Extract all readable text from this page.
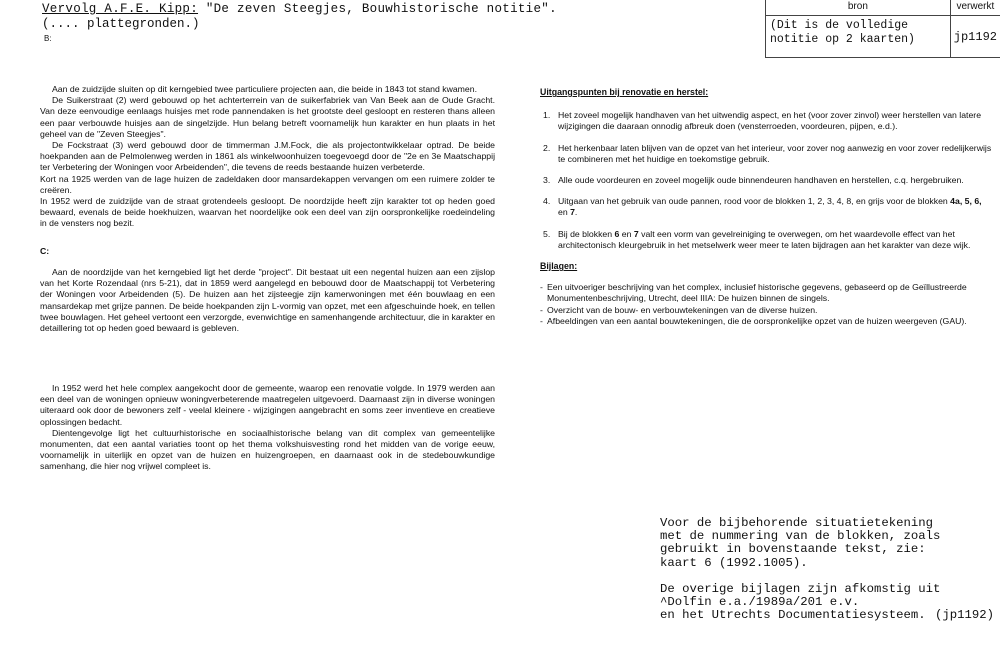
Vervolg A.F.E. Kipp: "De zeven Steegjes, Bouwhistorische notitie".
(.... plattegronden.)
B:
bron	verwerkt
(Dit is de volledige notitie op 2 kaarten)	jp1192

Aan de zuidzijde sluiten op dit kerngebied twee particuliere projecten aan, die beide in 1843 tot stand kwamen.

De Suikerstraat (2) werd gebouwd op het achterterrein van de suikerfabriek van Van Beek aan de Oude Gracht. Van deze eenvoudige eenlaags huisjes met rode pannendaken is het grootste deel gesloopt en resteren thans alleen een paar verbouwde huisjes aan de singelzijde. Hun belang betreft voornamelijk hun karakter en hun plaats in het geheel van de "Zeven Steegjes".

De Fockstraat (3) werd gebouwd door de timmerman J.M.Fock, die als projectontwikkelaar optrad. De beide hoekpanden aan de Pelmolenweg werden in 1861 als winkelwoonhuizen toegevoegd door de "2e en 3e Maatschappij ter Verbetering der Woningen voor Arbeidenden", die tevens de reeds bestaande huizen verbeterde.

Kort na 1925 werden van de lage huizen de zadeldaken door mansardekappen vervangen om een ruimere zolder te creëren.

In 1952 werd de zuidzijde van de straat grotendeels gesloopt. De noordzijde heeft zijn karakter tot op heden goed bewaard, evenals de beide hoekhuizen, waarvan het noordelijke ook een deel van zijn oorspronkelijke roedeindeling in de vensters nog bezit.

C:

Aan de noordzijde van het kerngebied ligt het derde "project". Dit bestaat uit een negental huizen aan een zijslop van het Korte Rozendaal (nrs 5-21), dat in 1859 werd aangelegd en bebouwd door de Maatschappij tot Verbetering der Woningen voor Arbeidenden (5). De huizen aan het zijsteegje zijn kamerwoningen met één bouwlaag en een mansardekap met grijze pannen. De beide hoekpanden zijn L-vormig van opzet, met een afgeschuinde hoek, en tellen twee bouwlagen. Het geheel vertoont een verzorgde, evenwichtige en samenhangende architectuur, die in karakter en detaillering tot op heden goed bewaard is gebleven.

In 1952 werd het hele complex aangekocht door de gemeente, waarop een renovatie volgde. In 1979 werden aan een deel van de woningen opnieuw woningverbeterende maatregelen uitgevoerd. Daarnaast zijn in diverse woningen uiteraard ook door de bewoners zelf - veelal kleinere - wijzigingen aangebracht en soms zeer inventieve en creatieve oplossingen bedacht.

Dientengevolge ligt het cultuurhistorische en sociaalhistorische belang van dit complex van gemeentelijke monumenten, dat een aantal variaties toont op het thema volkshuisvesting rond het midden van de vorige eeuw, voornamelijk in uiterlijk en opzet van de huizen en huizengroepen, en daarnaast ook in de stedebouwkundige samenhang, die hier nog vrijwel compleet is.

Uitgangspunten bij renovatie en herstel:

1. Het zoveel mogelijk handhaven van het uitwendig aspect, en het (voor zover zinvol) weer herstellen van latere wijzigingen die daaraan onnodig afbreuk doen (vensterroeden, voordeuren, pijpen, e.d.).
2. Het herkenbaar laten blijven van de opzet van het interieur, voor zover nog aanwezig en voor zover redelijkerwijs te combineren met het huidige en toekomstige gebruik.
3. Alle oude voordeuren en zoveel mogelijk oude binnendeuren handhaven en herstellen, c.q. hergebruiken.
4. Uitgaan van het gebruik van oude pannen, rood voor de blokken 1, 2, 3, 4, 8, en grijs voor de blokken 4a, 5, 6, en 7.
5. Bij de blokken 6 en 7 valt een vorm van gevelreiniging te overwegen, om het waardevolle effect van het architectonisch kleurgebruik in het metselwerk weer meer te laten bijdragen aan het karakter van deze wijk.

Bijlagen:

- Een uitvoeriger beschrijving van het complex, inclusief historische gegevens, gebaseerd op de Geïllustreerde Monumentenbeschrijving, Utrecht, deel IIIA: De huizen binnen de singels.
- Overzicht van de bouw- en verbouwtekeningen van de diverse huizen.
- Afbeeldingen van een aantal bouwtekeningen, die de oorspronkelijke opzet van de huizen weergeven (GAU).

Voor de bijbehorende situatietekening

met de nummering van de blokken, zoals

gebruikt in bovenstaande tekst, zie:

kaart 6 (1992.1005).

De overige bijlagen zijn afkomstig uit

^Dolfin e.a./1989a/201 e.v.

en het Utrechts Documentatiesysteem. (jp1192)
